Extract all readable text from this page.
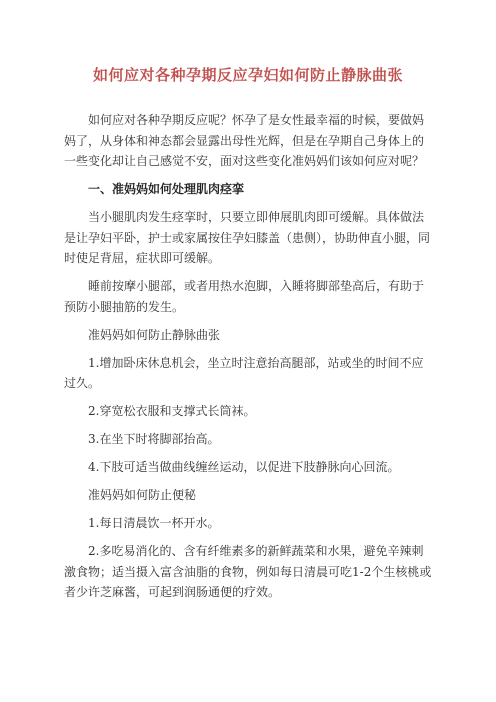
如何应对各种孕期反应孕妇如何防止静脉曲张

如何应对各种孕期反应呢？怀孕了是女性最幸福的时候，要做妈妈了，从身体和神态都会显露出母性光辉，但是在孕期自己身体上的一些变化却让自己感觉不安，面对这些变化准妈妈们该如何应对呢？

一、准妈妈如何处理肌肉痉挛

当小腿肌肉发生痉挛时，只要立即伸展肌肉即可缓解。具体做法是让孕妇平卧，护士或家属按住孕妇膝盖（患侧），协助伸直小腿，同时使足背屈，症状即可缓解。

睡前按摩小腿部，或者用热水泡脚，入睡将脚部垫高后，有助于预防小腿抽筋的发生。

准妈妈如何防止静脉曲张

1.增加卧床休息机会，坐立时注意抬高腿部，站或坐的时间不应过久。

2.穿宽松衣服和支撑式长筒袜。

3.在坐下时将脚部抬高。

4.下肢可适当做曲线缠丝运动，以促进下肢静脉向心回流。

准妈妈如何防止便秘

1.每日清晨饮一杯开水。

2.多吃易消化的、含有纤维素多的新鲜蔬菜和水果，避免辛辣刺激食物；适当摄入富含油脂的食物，例如每日清晨可吃1-2个生核桃或者少许芝麻酱，可起到润肠通便的疗效。
